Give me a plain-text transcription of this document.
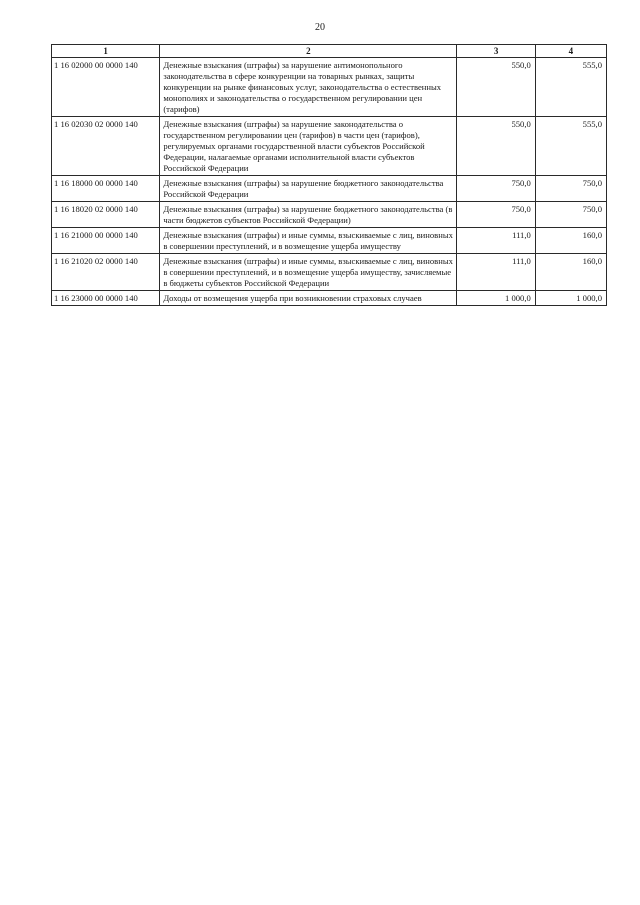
20
1	2	3	4
1 16 02000 00 0000 140	Денежные взыскания (штрафы) за нарушение антимонопольного законодательства в сфере конкуренции на товарных рынках, защиты конкуренции на рынке финансовых услуг, законодательства о естественных монополиях и законодательства о государственном регулировании цен (тарифов)	550,0	555,0
1 16 02030 02 0000 140	Денежные взыскания (штрафы) за нарушение законодательства о государственном регулировании цен (тарифов) в части цен (тарифов), регулируемых органами государственной власти субъектов Российской Федерации, налагаемые органами исполнительной власти субъектов Российской Федерации	550,0	555,0
1 16 18000 00 0000 140	Денежные взыскания (штрафы) за нарушение бюджетного законодательства Российской Федерации	750,0	750,0
1 16 18020 02 0000 140	Денежные взыскания (штрафы) за нарушение бюджетного законодательства (в части бюджетов субъектов Российской Федерации)	750,0	750,0
1 16 21000 00 0000 140	Денежные взыскания (штрафы) и иные суммы, взыскиваемые с лиц, виновных в совершении преступлений, и в возмещение ущерба имуществу	111,0	160,0
1 16 21020 02 0000 140	Денежные взыскания (штрафы) и иные суммы, взыскиваемые с лиц, виновных в совершении преступлений, и в возмещение ущерба имуществу, зачисляемые в бюджеты субъектов Российской Федерации	111,0	160,0
1 16 23000 00 0000 140	Доходы от возмещения ущерба при возникновении страховых случаев	1 000,0	1 000,0
